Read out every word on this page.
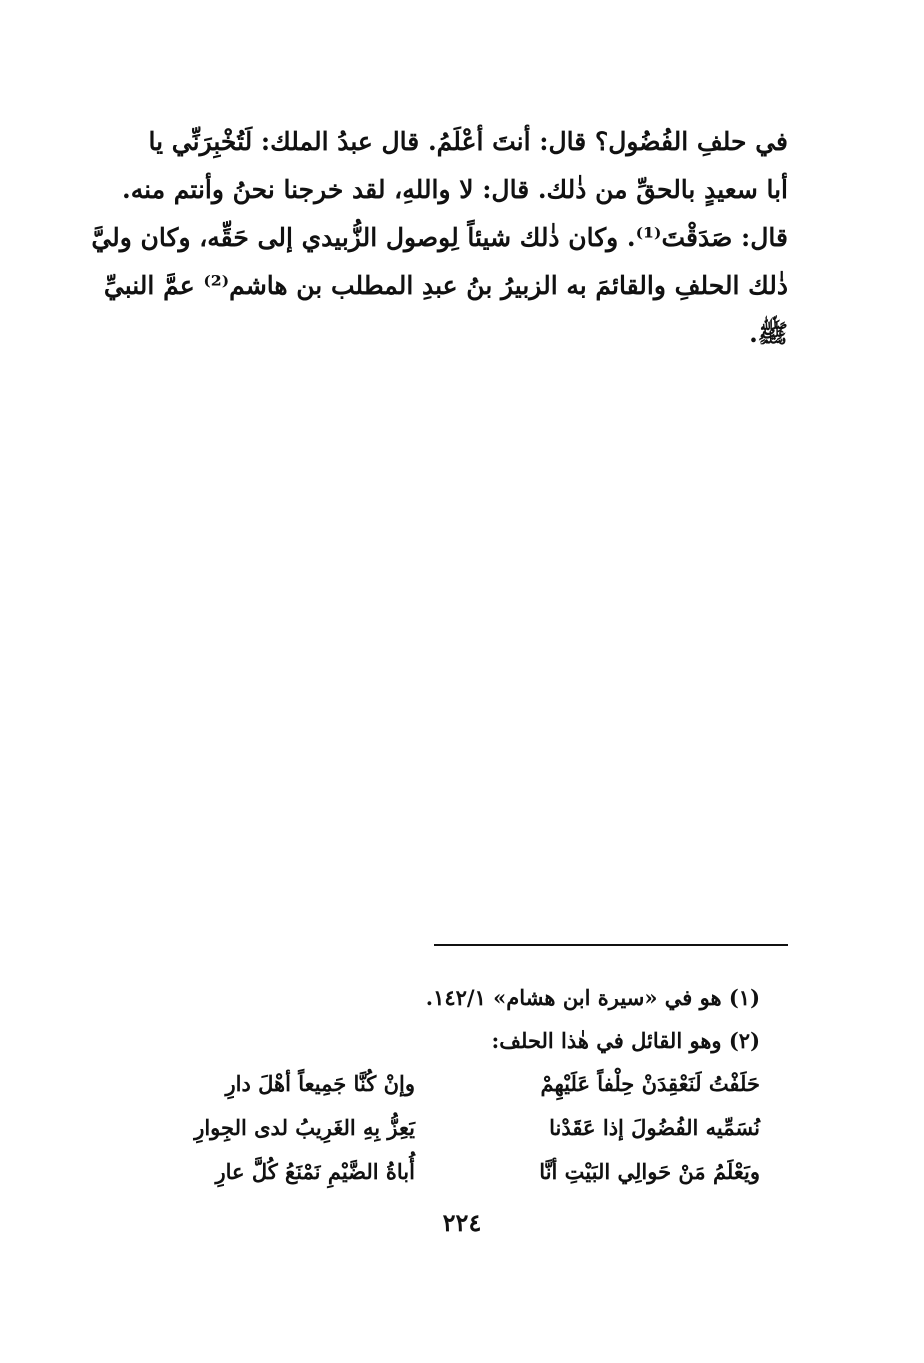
في حلفِ الفُضُول؟ قال: أنتَ أعْلَمُ. قال عبدُ الملك: لَتُخْبِرَنِّي يا
أبا سعيدٍ بالحقِّ من ذٰلك. قال: لا واللهِ، لقد خرجنا نحنُ وأنتم منه.
قال: صَدَقْتَ⁽¹⁾. وكان ذٰلك شيئاً لِوصول الزُّبيدي إلى حَقِّه، وكان وليَّ
ذٰلك الحلفِ والقائمَ به الزبيرُ بنُ عبدِ المطلب بن هاشم⁽²⁾ عمَّ النبيِّ
ﷺ.
(١) هو في «سيرة ابن هشام» ١٤٢/١.
(٢) وهو القائل في هٰذا الحلف:
حَلَفْتُ لَنَعْقِدَنْ حِلْفاً عَلَيْهِمْ
وإنْ كُنَّا جَمِيعاً أهْلَ دارِ
نُسَمِّيه الفُضُولَ إذا عَقَدْنا
يَعِزُّ بِهِ الغَرِيبُ لدى الجِوارِ
ويَعْلَمُ مَنْ حَوالِي البَيْتِ أنَّا
أُباةُ الضَّيْمِ نَمْنَعُ كُلَّ عارِ
٢٢٤
